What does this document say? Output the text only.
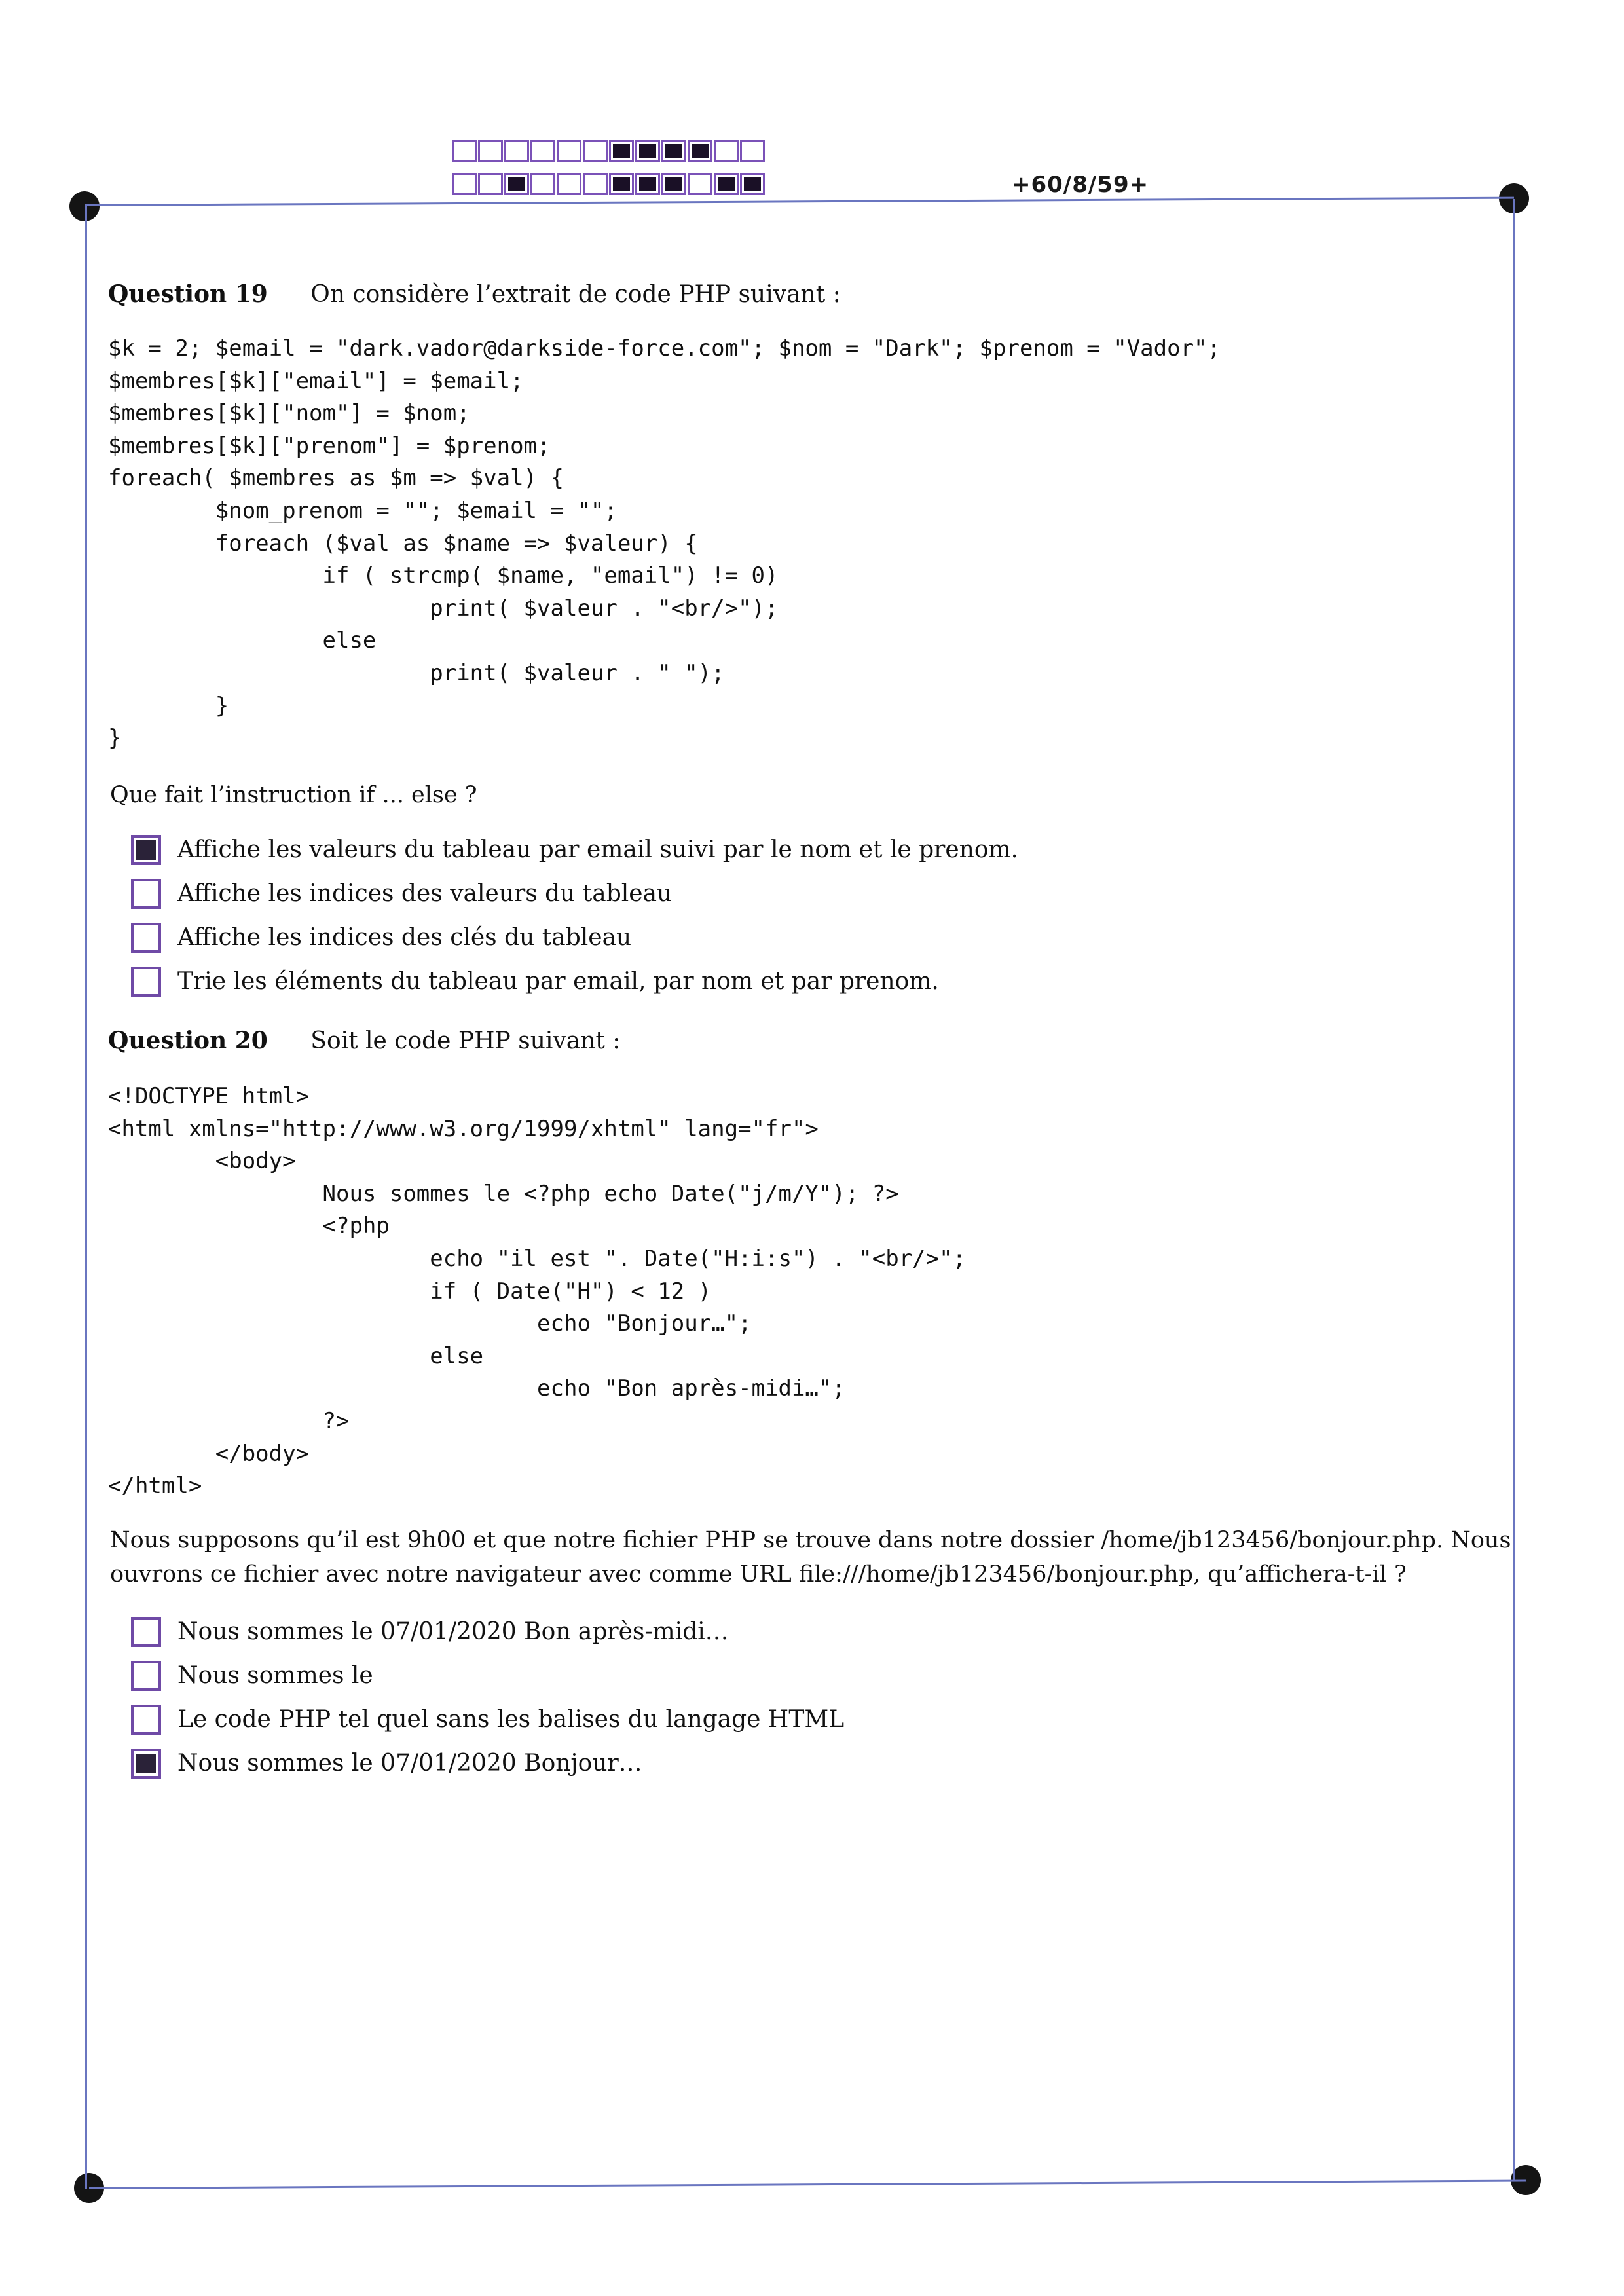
+60/8/59+
Question 19 On considère l’extrait de code PHP suivant :
$k = 2; $email = "dark.vador@darkside-force.com"; $nom = "Dark"; $prenom = "Vador";
$membres[$k]["email"] = $email;
$membres[$k]["nom"] = $nom;
$membres[$k]["prenom"] = $prenom;
foreach( $membres as $m => $val) {
$nom_prenom = ""; $email = "";
foreach ($val as $name => $valeur) {
if ( strcmp( $name, "email") != 0)
print( $valeur . "<br/>");
else
print( $valeur . " ");
}
}
Que fait l’instruction if ... else ?
Affiche les valeurs du tableau par email suivi par le nom et le prenom.
Affiche les indices des valeurs du tableau
Affiche les indices des clés du tableau
Trie les éléments du tableau par email, par nom et par prenom.
Question 20 Soit le code PHP suivant :
<!DOCTYPE html>
<html xmlns="http://www.w3.org/1999/xhtml" lang="fr">
<body>
Nous sommes le <?php echo Date("j/m/Y"); ?>
<?php
echo "il est ". Date("H:i:s") . "<br/>";
if ( Date("H") < 12 )
echo "Bonjour…";
else
echo "Bon après-midi…";
?>
</body>
</html>
Nous supposons qu’il est 9h00 et que notre fichier PHP se trouve dans notre dossier /home/jb123456/bonjour.php. Nous ouvrons ce fichier avec notre navigateur avec comme URL file:///home/jb123456/bonjour.php, qu’affichera-t-il ?
Nous sommes le 07/01/2020 Bon après-midi…
Nous sommes le
Le code PHP tel quel sans les balises du langage HTML
Nous sommes le 07/01/2020 Bonjour…
